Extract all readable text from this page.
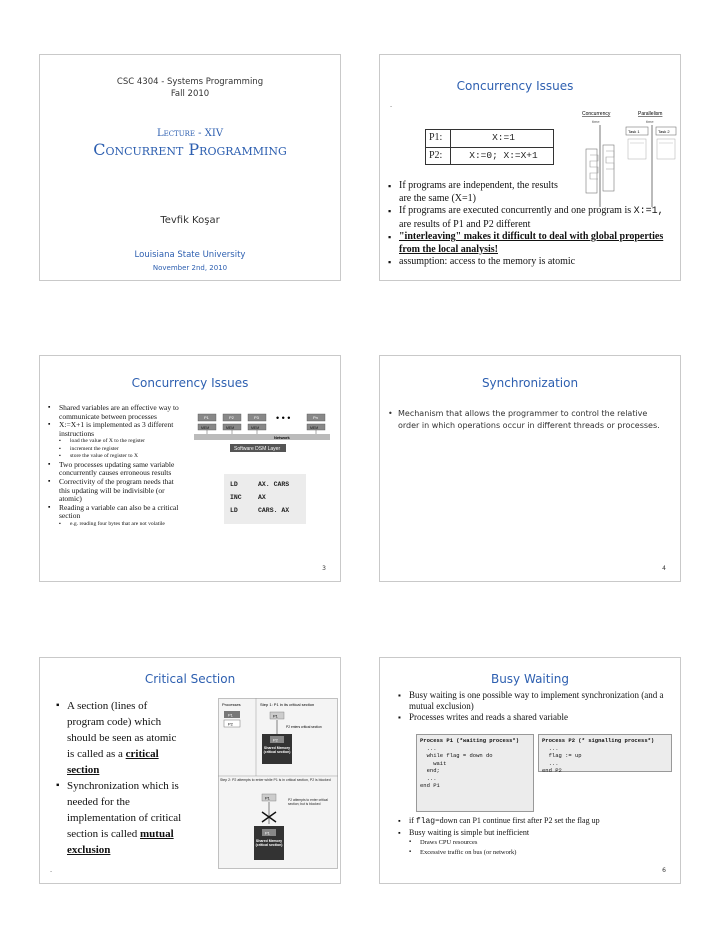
CSC 4304 - Systems Programming
Fall 2010
Lecture - XIV
Concurrent Programming
Tevfik Koşar
Louisiana State University
November 2nd, 2010
Concurrency Issues
-
P1:	X:=1
P2:	X:=0; X:=X+1
Concurrency	Parallelism
time	time
Task 1	Task 2
▪ If programs are independent, the results are the same (X=1)
▪ If programs are executed concurrently and one program is X:=1, are results of P1 and P2 different
▪ "interleaving" makes it difficult to deal with global properties from the local analysis!
▪ assumption: access to the memory is atomic
Concurrency Issues
▪ Shared variables are an effective way to communicate between processes
▪ X:=X+1 is implemented as 3 different instructions
▪ load the value of X to the register
▪ increment the register
▪ store the value of register to X
▪ Two processes updating same variable concurrently causes erroneous results
▪ Correctivity of the program needs that this updating will be indivisible (or atomic)
▪ Reading a variable can also be a critical section
▪ e.g. reading four bytes that are not volatile
Network
P1	P2	P3	Pn
MEM	MEM	MEM	MEM
• • •
Software DSM Layer
LD	AX. CARS
INC	AX
LD	CARS. AX
3
Synchronization
• Mechanism that allows the programmer to control the relative order in which operations occur in different threads or processes.
4
Critical Section
▪ A section (lines of program code) which should be seen as atomic is called as a critical section
▪ Synchronization which is needed for the implementation of critical section is called mutual exclusion
Processes	Step 1: P1 in its critical section
P1
P2
P1
P2 enters critical section
P2
Shared Memory (critical section)
Step 2: P2 attempts to enter while P1 is in critical section, P2 is blocked
P1	P2 attempts to enter critical section; but is blocked
P1
Shared Memory (critical section)
-
Busy Waiting
▪ Busy waiting is one possible way to implement synchronization (and a mutual exclusion)
▪ Processes writes and reads a shared variable
Process P1 (*waiting process*)
...
while flag = down do
wait
end;
...
end P1
Process P2 (* signalling process*)
...
flag := up
...
end P2
▪ if flag=down can P1 continue first after P2 set the flag up
▪ Busy waiting is simple but inefficient
▪ Draws CPU resources
▪ Excessive traffic on bus (or network)
6
